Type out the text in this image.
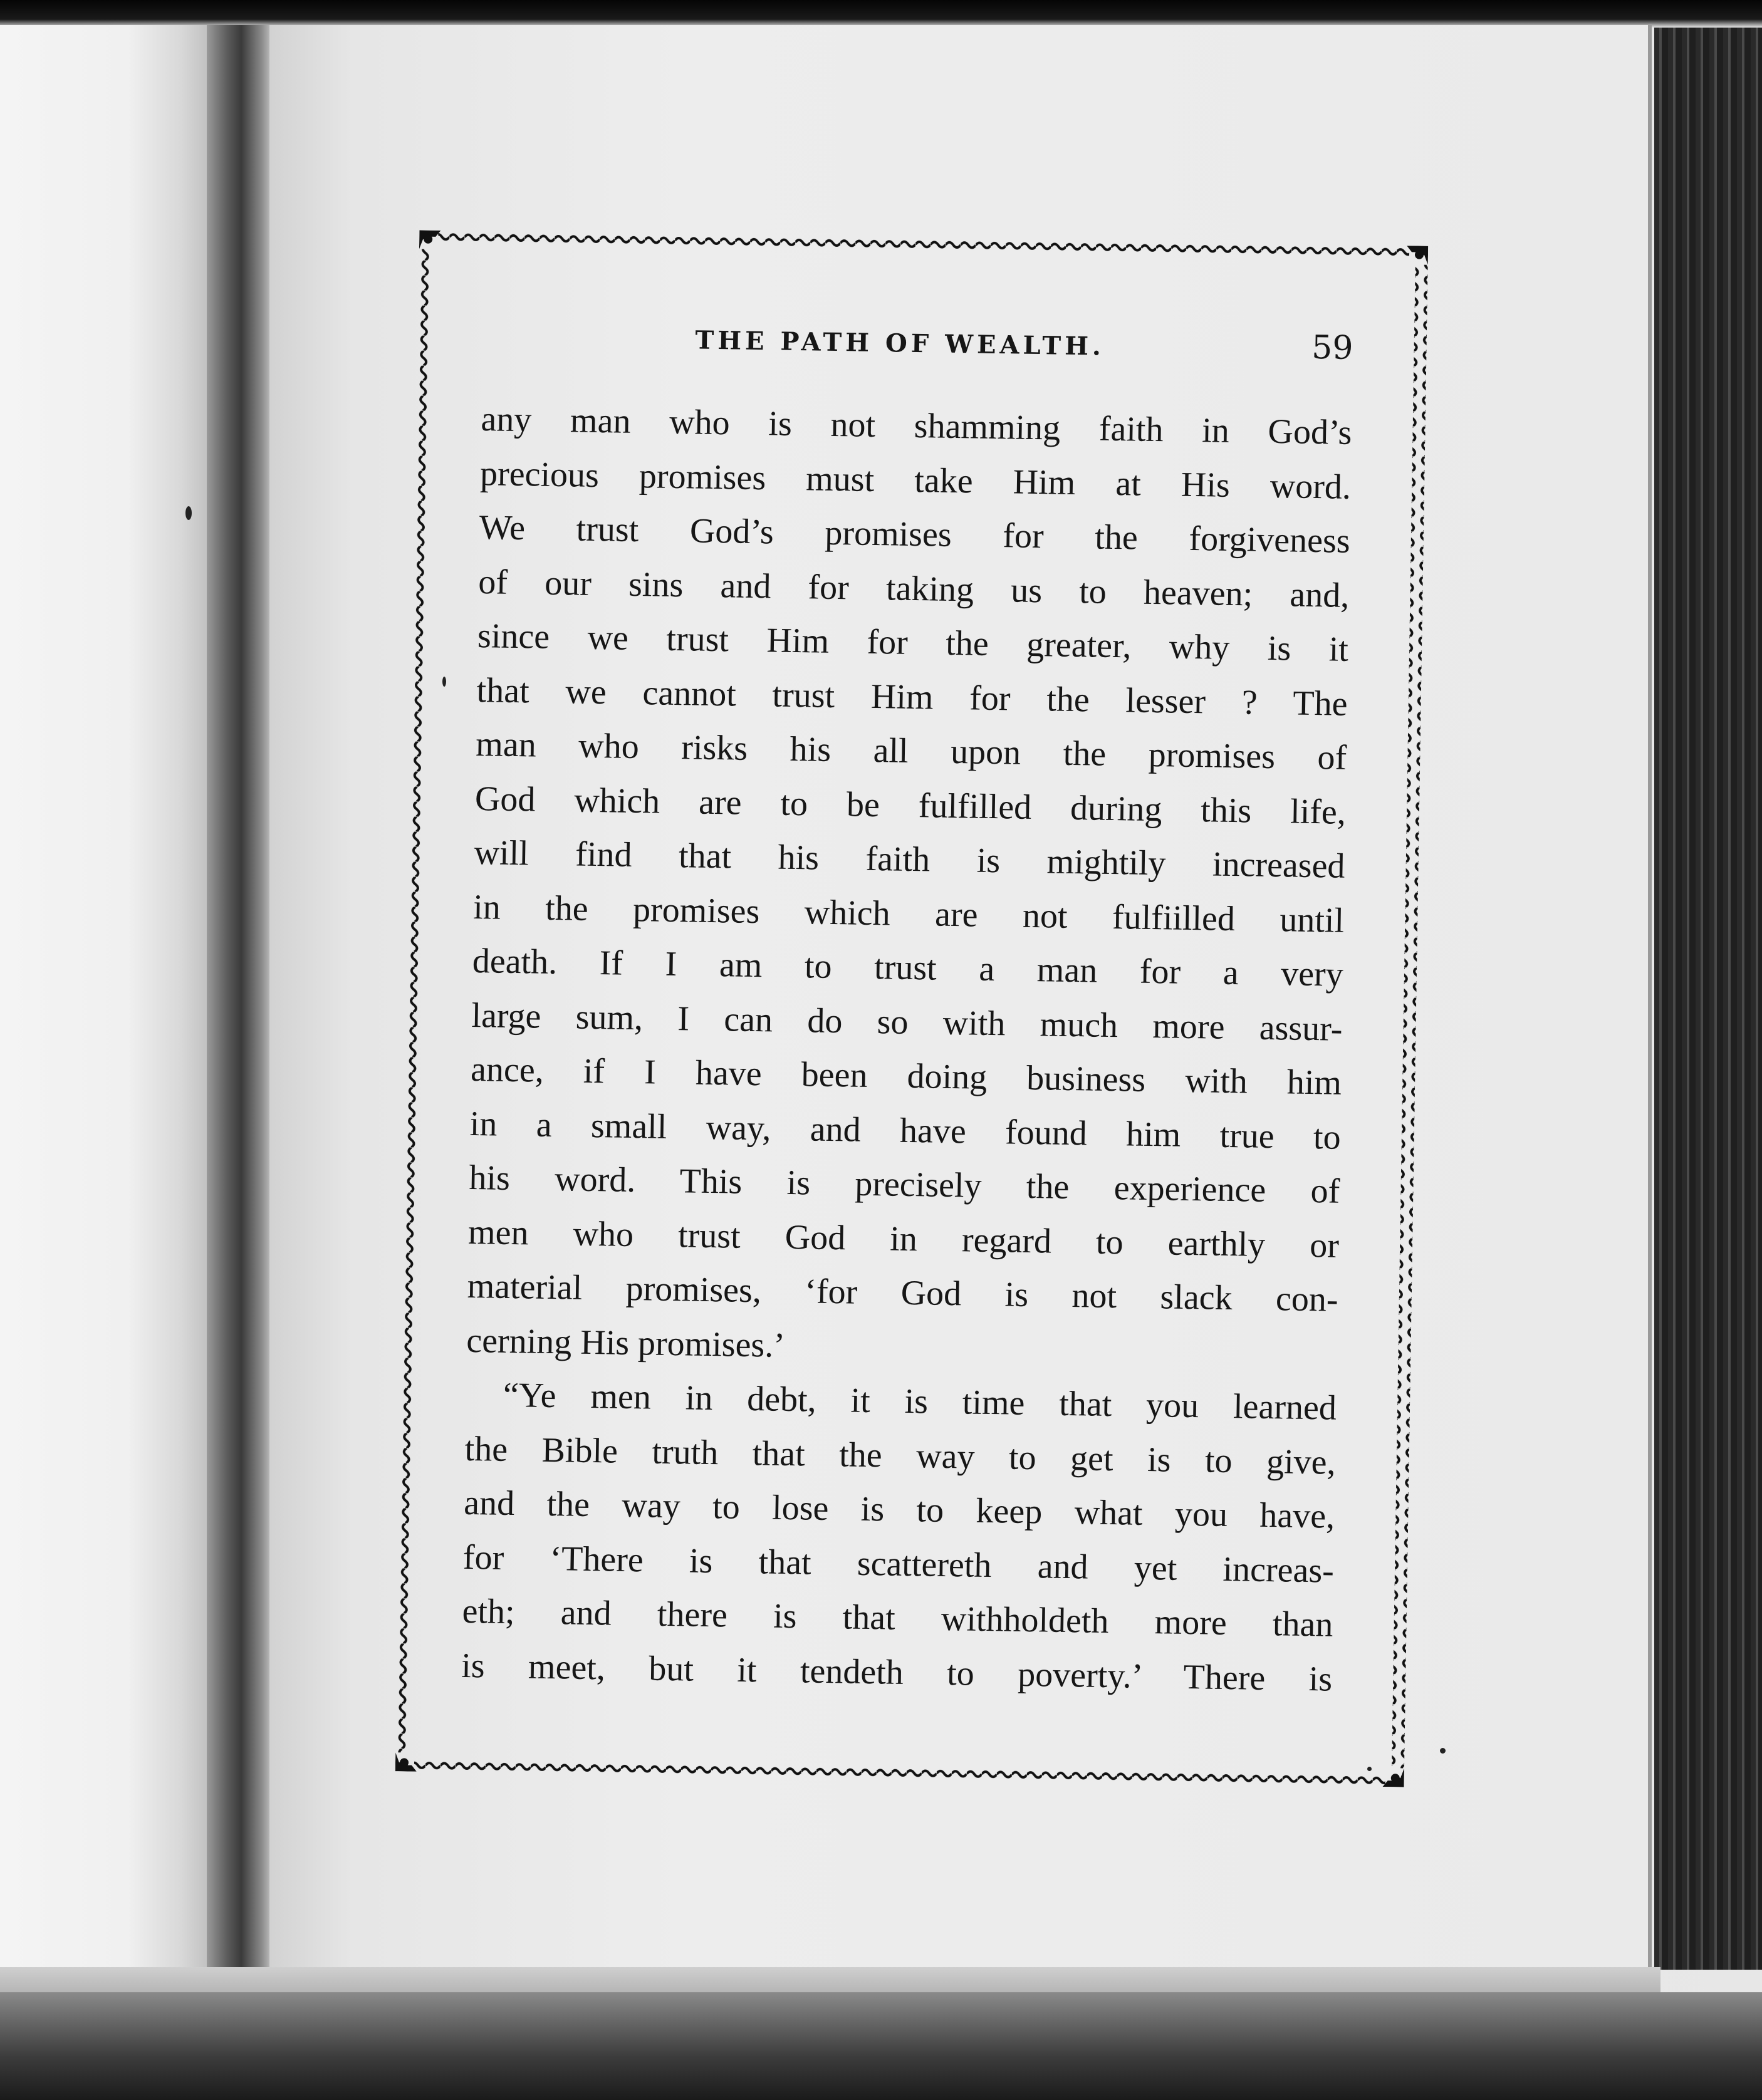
THE PATH OF WEALTH.	59
any man who is not shamming faith in God’s
precious promises must take Him at His word.
We trust God’s promises for the forgiveness
of our sins and for taking us to heaven; and,
since we trust Him for the greater, why is it
that we cannot trust Him for the lesser ? The
man who risks his all upon the promises of
God which are to be fulfilled during this life,
will find that his faith is mightily increased
in the promises which are not fulfiilled until
death. If I am to trust a man for a very
large sum, I can do so with much more assur-
ance, if I have been doing business with him
in a small way, and have found him true to
his word. This is precisely the experience of
men who trust God in regard to earthly or
material promises, ‘for God is not slack con-
cerning His promises.’
“Ye men in debt, it is time that you learned
the Bible truth that the way to get is to give,
and the way to lose is to keep what you have,
for ‘There is that scattereth and yet increas-
eth; and there is that withholdeth more than
is meet, but it tendeth to poverty.’ There is
